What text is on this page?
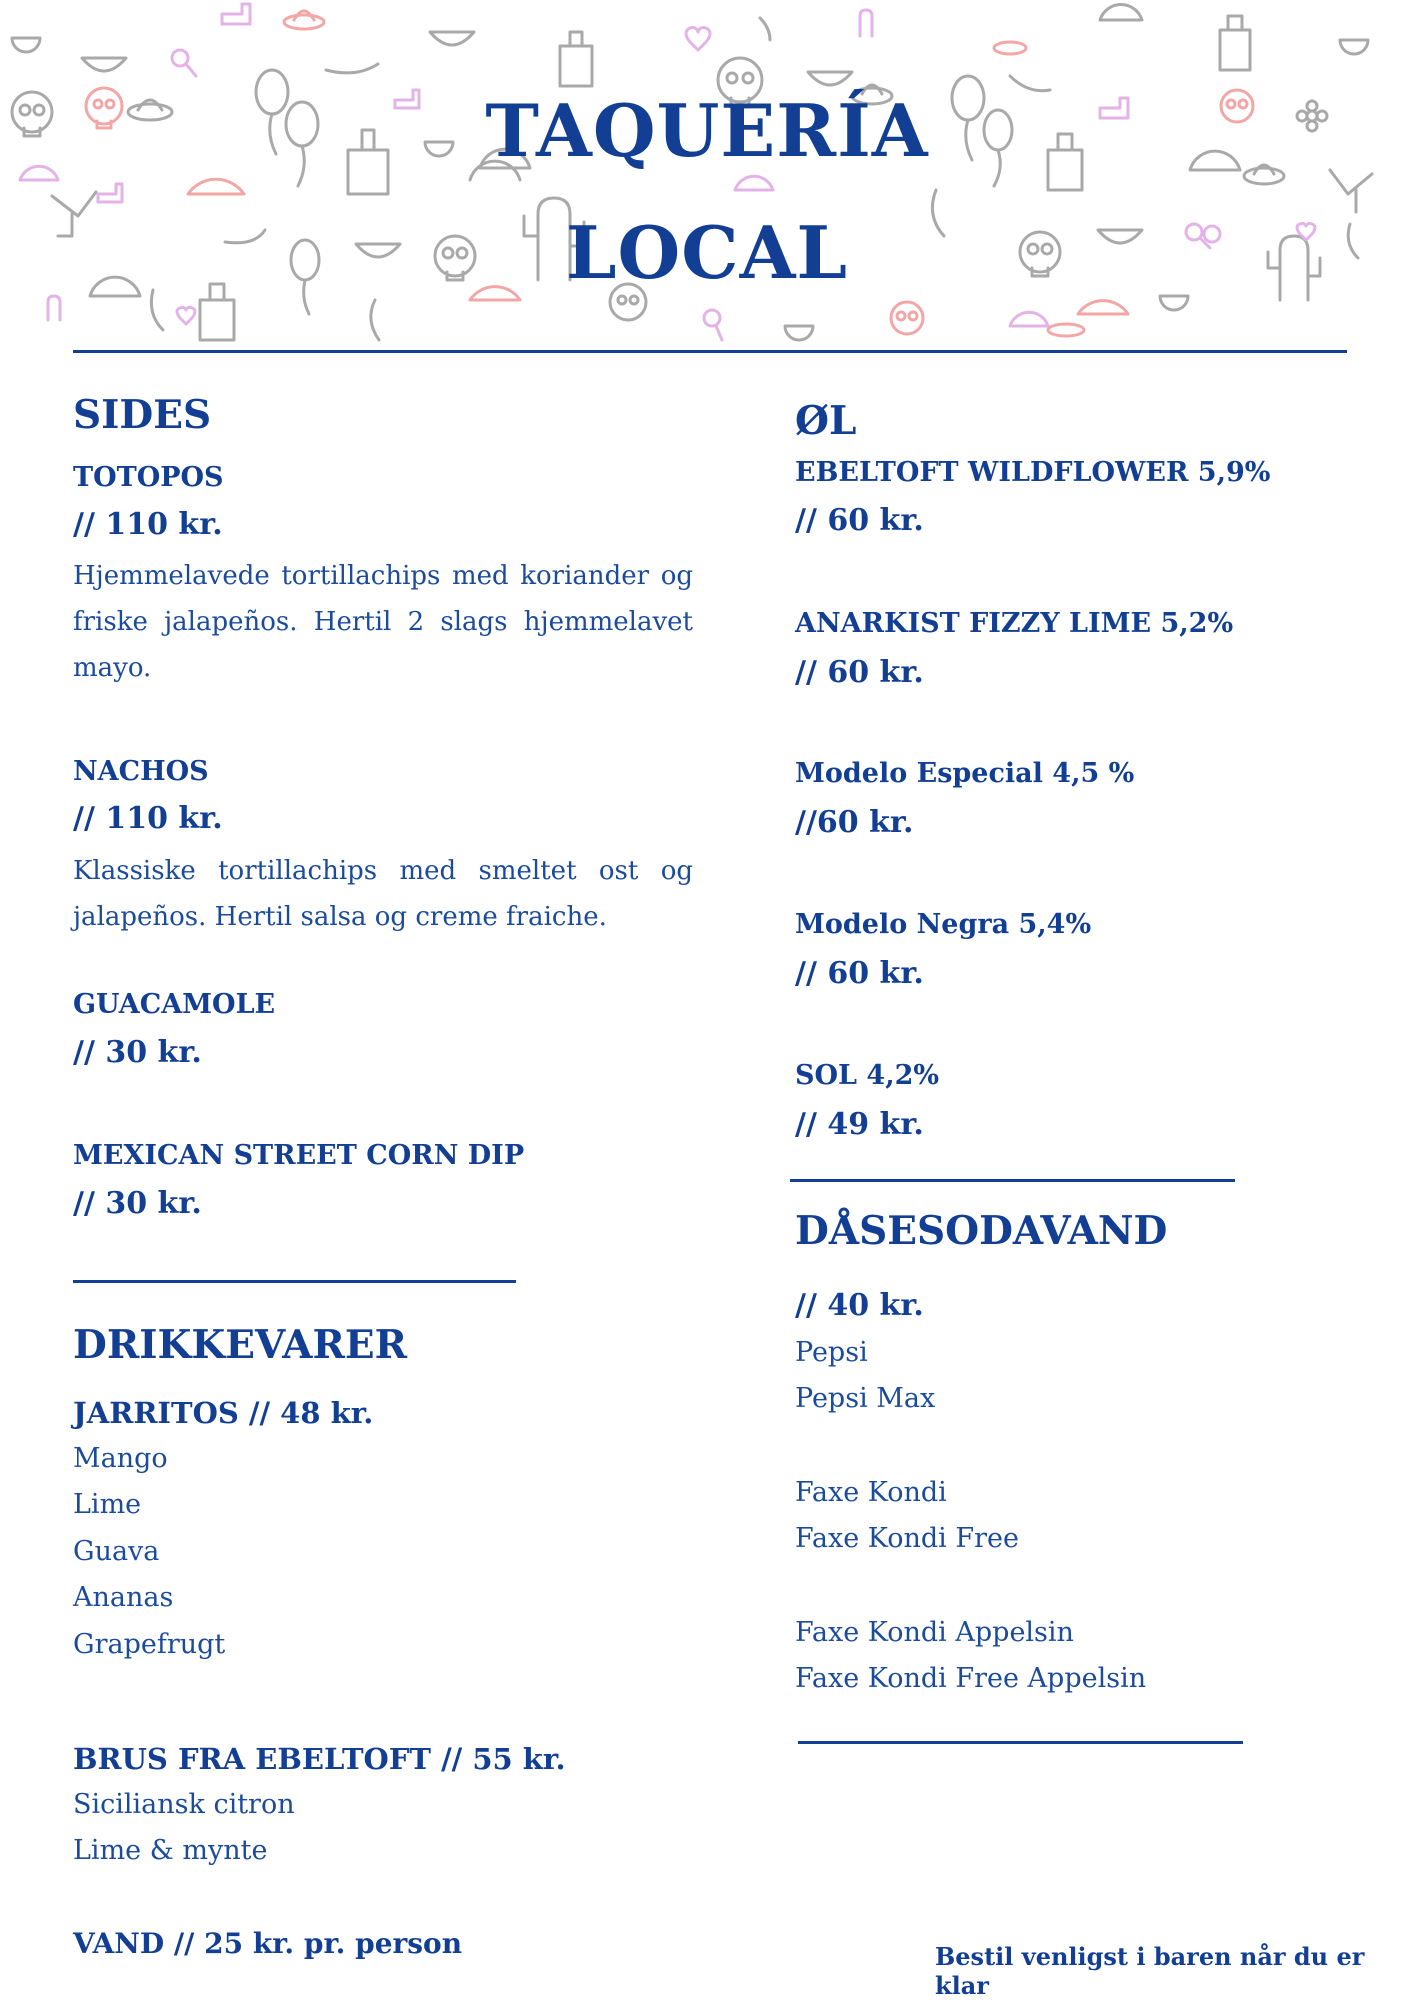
TAQUERÍA
LOCAL
SIDES
TOTOPOS
// 110 kr.

Hjemmelavede tortillachips med koriander og friske jalapeños. Hertil 2 slags hjemmelavet mayo.

NACHOS
// 110 kr.

Klassiske tortillachips med smeltet ost og jalapeños. Hertil salsa og creme fraiche.

GUACAMOLE
// 30 kr.
MEXICAN STREET CORN DIP
// 30 kr.
DRIKKEVARER
JARRITOS // 48 kr.
Mango
Lime
Guava
Ananas
Grapefrugt
BRUS FRA EBELTOFT // 55 kr.
Siciliansk citron
Lime & mynte
VAND // 25 kr. pr. person
ØL
EBELTOFT WILDFLOWER 5,9%
// 60 kr.
ANARKIST FIZZY LIME 5,2%
// 60 kr.
Modelo Especial 4,5 %
//60 kr.
Modelo Negra 5,4%
// 60 kr.
SOL 4,2%
// 49 kr.
DÅSESODAVAND
// 40 kr.
Pepsi
Pepsi Max
Faxe Kondi
Faxe Kondi Free
Faxe Kondi Appelsin
Faxe Kondi Free Appelsin
Bestil venligst i baren når du er klar
